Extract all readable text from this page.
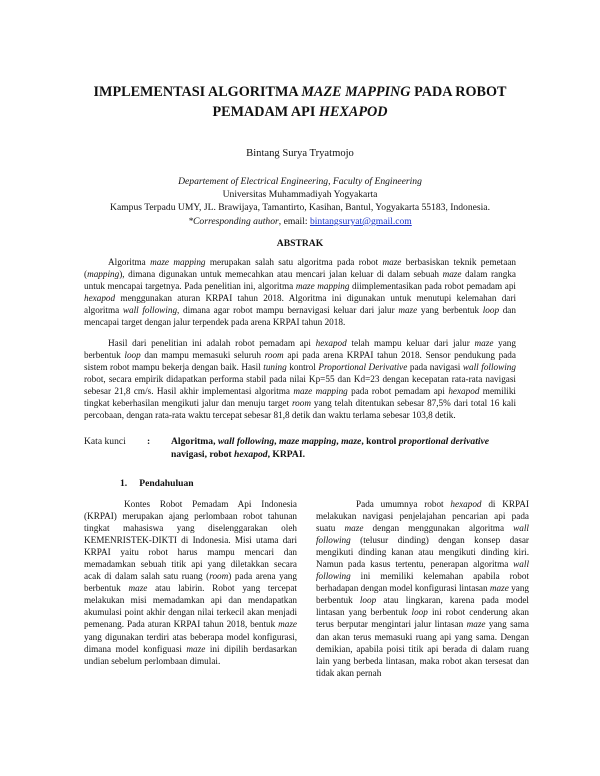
IMPLEMENTASI ALGORITMA MAZE MAPPING PADA ROBOT
PEMADAM API HEXAPOD

Bintang Surya Tryatmojo

Departement of Electrical Engineering, Faculty of Engineering
Universitas Muhammadiyah Yogyakarta
Kampus Terpadu UMY, JL. Brawijaya, Tamantirto, Kasihan, Bantul, Yogyakarta 55183, Indonesia.
*Corresponding author, email: bintangsuryat@gmail.com
ABSTRAK

Algoritma maze mapping merupakan salah satu algoritma pada robot maze berbasiskan teknik pemetaan (mapping), dimana digunakan untuk memecahkan atau mencari jalan keluar di dalam sebuah maze dalam rangka untuk mencapai targetnya. Pada penelitian ini, algoritma maze mapping diimplementasikan pada robot pemadam api hexapod menggunakan aturan KRPAI tahun 2018. Algoritma ini digunakan untuk menutupi kelemahan dari algoritma wall following, dimana agar robot mampu bernavigasi keluar dari jalur maze yang berbentuk loop dan mencapai target dengan jalur terpendek pada arena KRPAI tahun 2018.

Hasil dari penelitian ini adalah robot pemadam api hexapod telah mampu keluar dari jalur maze yang berbentuk loop dan mampu memasuki seluruh room api pada arena KRPAI tahun 2018. Sensor pendukung pada sistem robot mampu bekerja dengan baik. Hasil tuning kontrol Proportional Derivative pada navigasi wall following robot, secara empirik didapatkan performa stabil pada nilai Kp=55 dan Kd=23 dengan kecepatan rata-rata navigasi sebesar 21,8 cm/s. Hasil akhir implementasi algoritma maze mapping pada robot pemadam api hexapod memiliki tingkat keberhasilan mengikuti jalur dan menuju target room yang telah ditentukan sebesar 87,5% dari total 16 kali percobaan, dengan rata-rata waktu tercepat sebesar 81,8 detik dan waktu terlama sebesar 103,8 detik.

Kata kunci : Algoritma, wall following, maze mapping, maze, kontrol proportional derivative navigasi, robot hexapod, KRPAI.
1. Pendahuluan

Kontes Robot Pemadam Api Indonesia (KRPAI) merupakan ajang perlombaan robot tahunan tingkat mahasiswa yang diselenggarakan oleh KEMENRISTEK-DIKTI di Indonesia. Misi utama dari KRPAI yaitu robot harus mampu mencari dan memadamkan sebuah titik api yang diletakkan secara acak di dalam salah satu ruang (room) pada arena yang berbentuk maze atau labirin. Robot yang tercepat melakukan misi memadamkan api dan mendapatkan akumulasi point akhir dengan nilai terkecil akan menjadi pemenang. Pada aturan KRPAI tahun 2018, bentuk maze yang digunakan terdiri atas beberapa model konfigurasi, dimana model konfiguasi maze ini dipilih berdasarkan undian sebelum perlombaan dimulai.

Pada umumnya robot hexapod di KRPAI melakukan navigasi penjelajahan pencarian api pada suatu maze dengan menggunakan algoritma wall following (telusur dinding) dengan konsep dasar mengikuti dinding kanan atau mengikuti dinding kiri. Namun pada kasus tertentu, penerapan algoritma wall following ini memiliki kelemahan apabila robot berhadapan dengan model konfigurasi lintasan maze yang berbentuk loop atau lingkaran, karena pada model lintasan yang berbentuk loop ini robot cenderung akan terus berputar mengintari jalur lintasan maze yang sama dan akan terus memasuki ruang api yang sama. Dengan demikian, apabila poisi titik api berada di dalam ruang lain yang berbeda lintasan, maka robot akan tersesat dan tidak akan pernah
